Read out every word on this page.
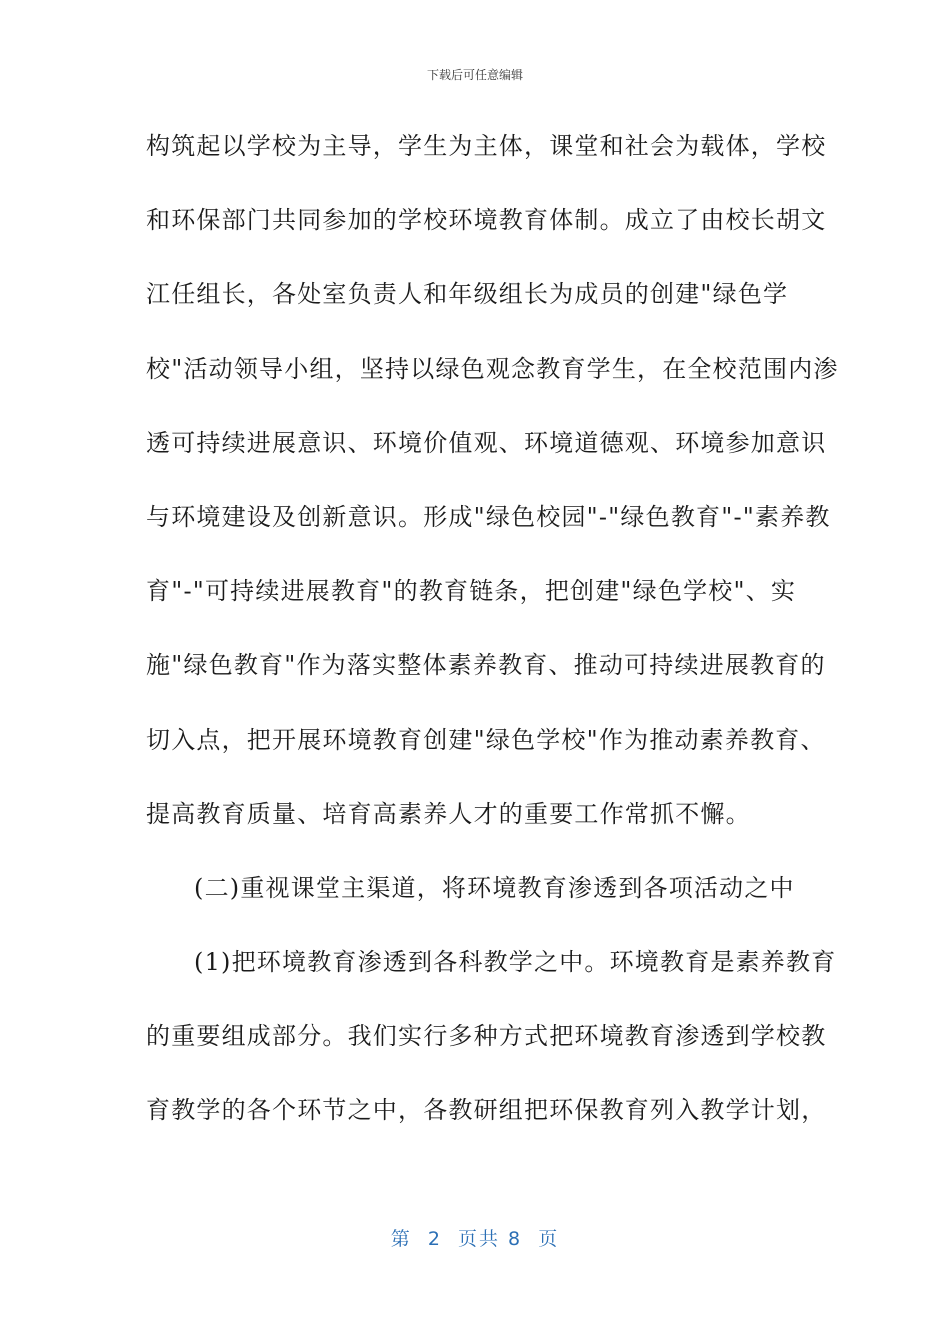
下载后可任意编辑
构筑起以学校为主导，学生为主体，课堂和社会为载体，学校
和环保部门共同参加的学校环境教育体制。成立了由校长胡文
江任组长，各处室负责人和年级组长为成员的创建"绿色学
校"活动领导小组，坚持以绿色观念教育学生，在全校范围内渗
透可持续进展意识、环境价值观、环境道德观、环境参加意识
与环境建设及创新意识。形成"绿色校园"-"绿色教育"-"素养教
育"-"可持续进展教育"的教育链条，把创建"绿色学校"、实
施"绿色教育"作为落实整体素养教育、推动可持续进展教育的
切入点，把开展环境教育创建"绿色学校"作为推动素养教育、
提高教育质量、培育高素养人才的重要工作常抓不懈。
(二)重视课堂主渠道，将环境教育渗透到各项活动之中
(1)把环境教育渗透到各科教学之中。环境教育是素养教育
的重要组成部分。我们实行多种方式把环境教育渗透到学校教
育教学的各个环节之中，各教研组把环保教育列入教学计划，
第  2  页共 8  页
